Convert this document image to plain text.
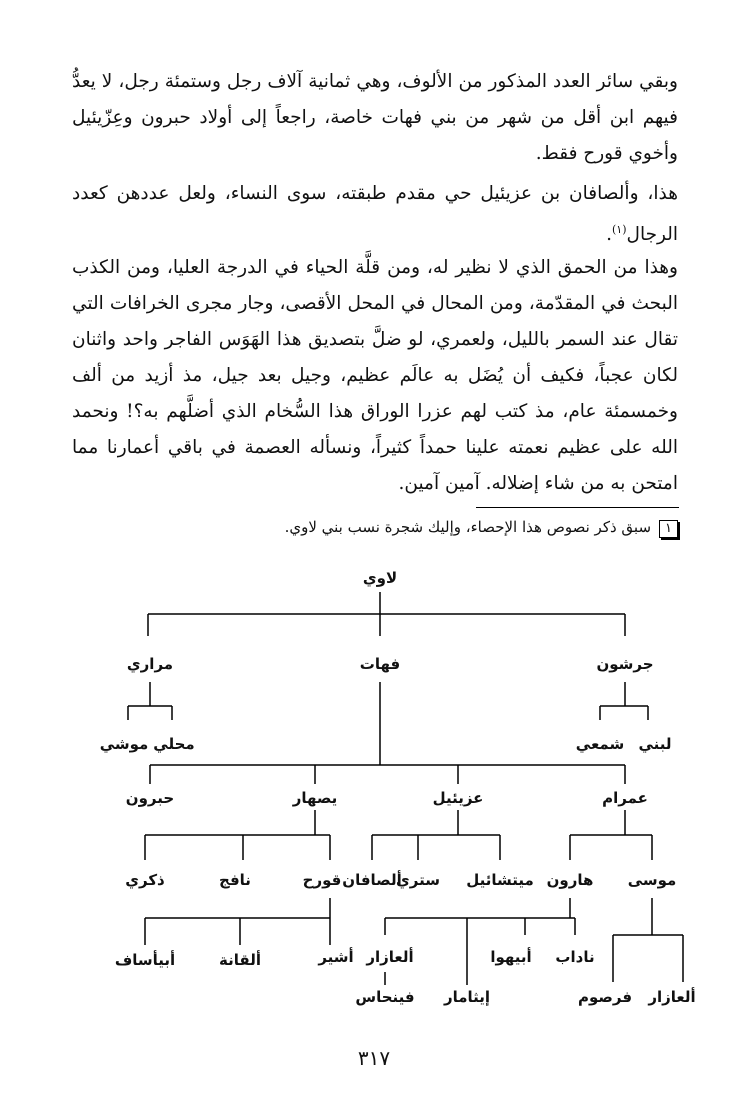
وبقي سائر العدد المذكور من الألوف، وهي ثمانية آلاف رجل وستمئة رجل، لا يعدُّ فيهم ابن أقل من شهر من بني فهات خاصة، راجعاً إلى أولاد حبرون وعِزّيئيل وأخوي قورح فقط.

هذا، وألصافان بن عزيئيل حي مقدم طبقته، سوى النساء، ولعل عددهن كعدد الرجال$^{(١)}$.

وهذا من الحمق الذي لا نظير له، ومن قلَّة الحياء في الدرجة العليا، ومن الكذب البحث في المقدّمة، ومن المحال في المحل الأقصى، وجار مجرى الخرافات التي تقال عند السمر بالليل، ولعمري، لو ضلَّ بتصديق هذا الهَوَس الفاجر واحد واثنان لكان عجباً، فكيف أن يُضَل به عالَم عظيم، وجيل بعد جيل، مذ أزيد من ألف وخمسمئة عام، مذ كتب لهم عزرا الوراق هذا السُّخام الذي أضلَّهم به؟! ونحمد الله على عظيم نعمته علينا حمداً كثيراً، ونسأله العصمة في باقي أعمارنا مما امتحن به من شاء إضلاله. آمين آمين.

١سبق ذكر نصوص هذا الإحصاء، وإليك شجرة نسب بني لاوي.
لاوي
جرشون
فهات
مراري
لبني
شمعي
محلي
موشي
عمرام
عزيئيل
يصهار
حبرون
موسى
هارون
ميتشائيل
ستري
ألصافان
قورح
نافج
ذكري
ناداب
أبيهوا
ألعازار
أشير
ألقانة
أبيأساف
إيثامار
فينحاس	ألعازار
فرصوم
٣١٧
